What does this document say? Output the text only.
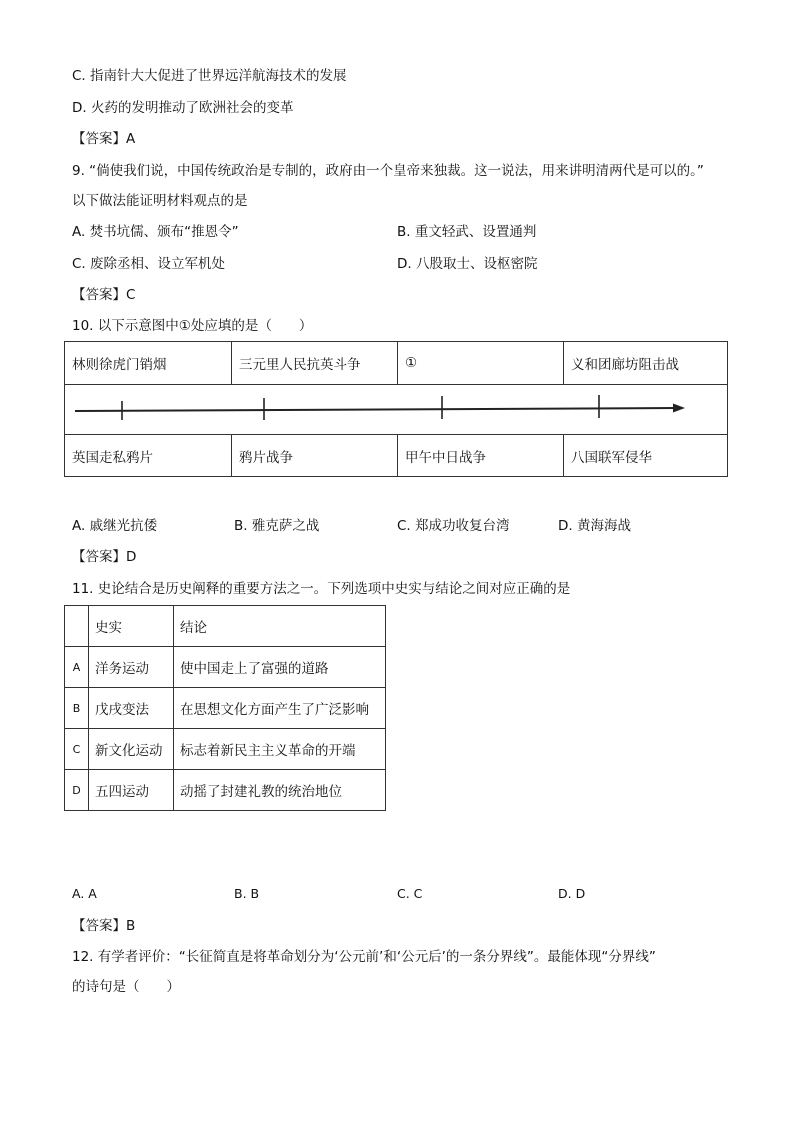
C. 指南针大大促进了世界远洋航海技术的发展
D. 火药的发明推动了欧洲社会的变革
【答案】A
9. “倘使我们说，中国传统政治是专制的，政府由一个皇帝来独裁。这一说法，用来讲明清两代是可以的。”
以下做法能证明材料观点的是
A. 焚书坑儒、颁布“推恩令”	B. 重文轻武、设置通判
C. 废除丞相、设立军机处	D. 八股取士、设枢密院
【答案】C
10. 以下示意图中①处应填的是（　　）
林则徐虎门销烟	三元里人民抗英斗争	①	义和团廊坊阻击战
英国走私鸦片	鸦片战争	甲午中日战争	八国联军侵华
A. 戚继光抗倭	B. 雅克萨之战	C. 郑成功收复台湾	D. 黄海海战
【答案】D
11. 史论结合是历史阐释的重要方法之一。下列选项中史实与结论之间对应正确的是
	史实	结论
A	洋务运动	使中国走上了富强的道路
B	戊戌变法	在思想文化方面产生了广泛影响
C	新文化运动	标志着新民主主义革命的开端
D	五四运动	动摇了封建礼教的统治地位
A. A	B. B	C. C	D. D
【答案】B
12. 有学者评价：“长征简直是将革命划分为‘公元前’和‘公元后’的一条分界线”。最能体现“分界线”
的诗句是（　　）
